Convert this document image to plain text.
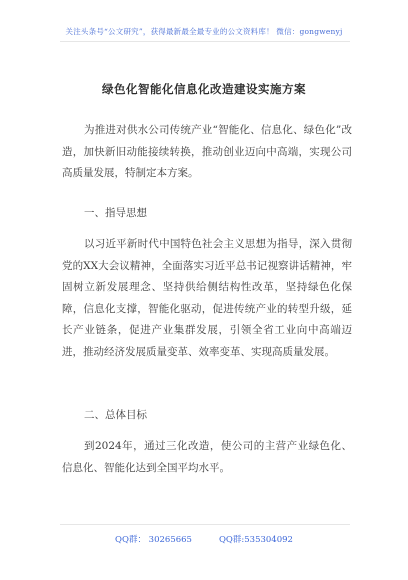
关注头条号“公文研究”，获得最新最全最专业的公文资料库！ 微信：gongwenyj
绿色化智能化信息化改造建设实施方案

为推进对供水公司传统产业“智能化、信息化、绿色化”改造，加快新旧动能接续转换，推动创业迈向中高端，实现公司高质量发展，特制定本方案。

一、指导思想

以习近平新时代中国特色社会主义思想为指导，深入贯彻党的XX大会议精神，全面落实习近平总书记视察讲话精神，牢固树立新发展理念、坚持供给侧结构性改革，坚持绿色化保障，信息化支撑，智能化驱动，促进传统产业的转型升级，延长产业链条，促进产业集群发展，引领全省工业向中高端迈进，推动经济发展质量变革、效率变革、实现高质量发展。

二、总体目标

到2024年，通过三化改造，使公司的主营产业绿色化、信息化、智能化达到全国平均水平。

QQ群： 30265665          QQ群:535304092
